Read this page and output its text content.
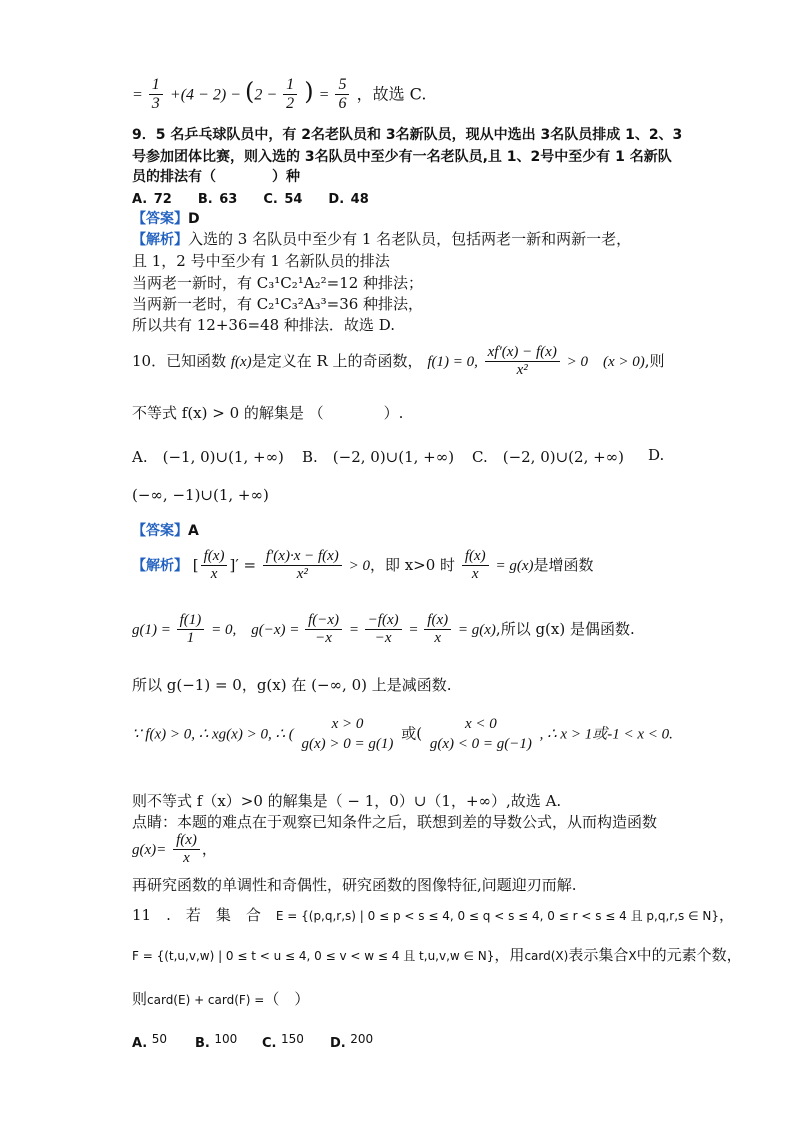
= $\frac{1}{3} +(4 - 2) - (2 - \frac{1}{2}$ ) = $\frac{5}{6}$ ，故选 C.
9．5 名乒乓球队员中，有 2名老队员和 3名新队员，现从中选出 3名队员排成 1、2、3
号参加团体比赛，则入选的 3名队员中至少有一名老队员,且 1、2号中至少有 1 名新队
员的排法有（　　　　）种
A. 72　　B. 63　　C. 54　　D. 48
【答案】D
【解析】入选的 3 名队员中至少有 1 名老队员，包括两老一新和两新一老，
且 1，2 号中至少有 1 名新队员的排法
当两老一新时，有 C₃¹C₂¹A₂²=12 种排法；
当两新一老时，有 C₂¹C₃²A₃³=36 种排法，
所以共有 12+36=48 种排法．故选 D.
10．已知函数 f(x)是定义在 R 上的奇函数， f(1) = 0, $\frac{xf'(x) - f(x)}{\text{x²}} > 0$　(x > 0),则
不等式 f(x) > 0 的解集是 （　　　　）.
A.　(−1, 0)∪(1, +∞) B.　(−2, 0)∪(1, +∞) C.　(−2, 0)∪(2, +∞) D.
(−∞, −1)∪(1, +∞)
【答案】A
【解析】 [ $\frac{f(x)}{x}$ ]′ = $\frac{f'(x)\cdot x - f(x)}{\text{x²}} > 0$，即 x>0 时 $\frac{f(x)}{x} = g(x)$是增函数
$g(1) = \frac{f(1)}{1} = 0$,　$g(-x) = \frac{f(-x)}{-x} = \frac{-f(x)}{-x} = \frac{f(x)}{x} = g(x)$,所以 g(x) 是偶函数.
所以 g(−1) = 0，g(x) 在 (−∞, 0) 上是减函数.
∵ f(x) > 0, ∴ xg(x) > 0, ∴ (
x > 0
g(x) > 0 = g(1)
或(
x < 0
g(x) < 0 = g(−1)
, ∴ x > 1或-1 < x < 0.
则不等式 f（x）>0 的解集是（ − 1，0）∪（1，+∞）,故选 A.
点睛：本题的难点在于观察已知条件之后，联想到差的导数公式，从而构造函数
$g(x)= \frac{f(x)}{x}$ ，
再研究函数的单调性和奇偶性，研究函数的图像特征,问题迎刃而解.
11　.　若　集　合　E = {(p,q,r,s) | 0 ≤ p < s ≤ 4, 0 ≤ q < s ≤ 4, 0 ≤ r < s ≤ 4 且 p,q,r,s ∈ N}，
F = {(t,u,v,w) | 0 ≤ t < u ≤ 4, 0 ≤ v < w ≤ 4 且 t,u,v,w ∈ N}，用card(X)表示集合X中的元素个数，
则card(E) + card(F) =（　）
A. 50 B. 100 C. 150 D. 200
